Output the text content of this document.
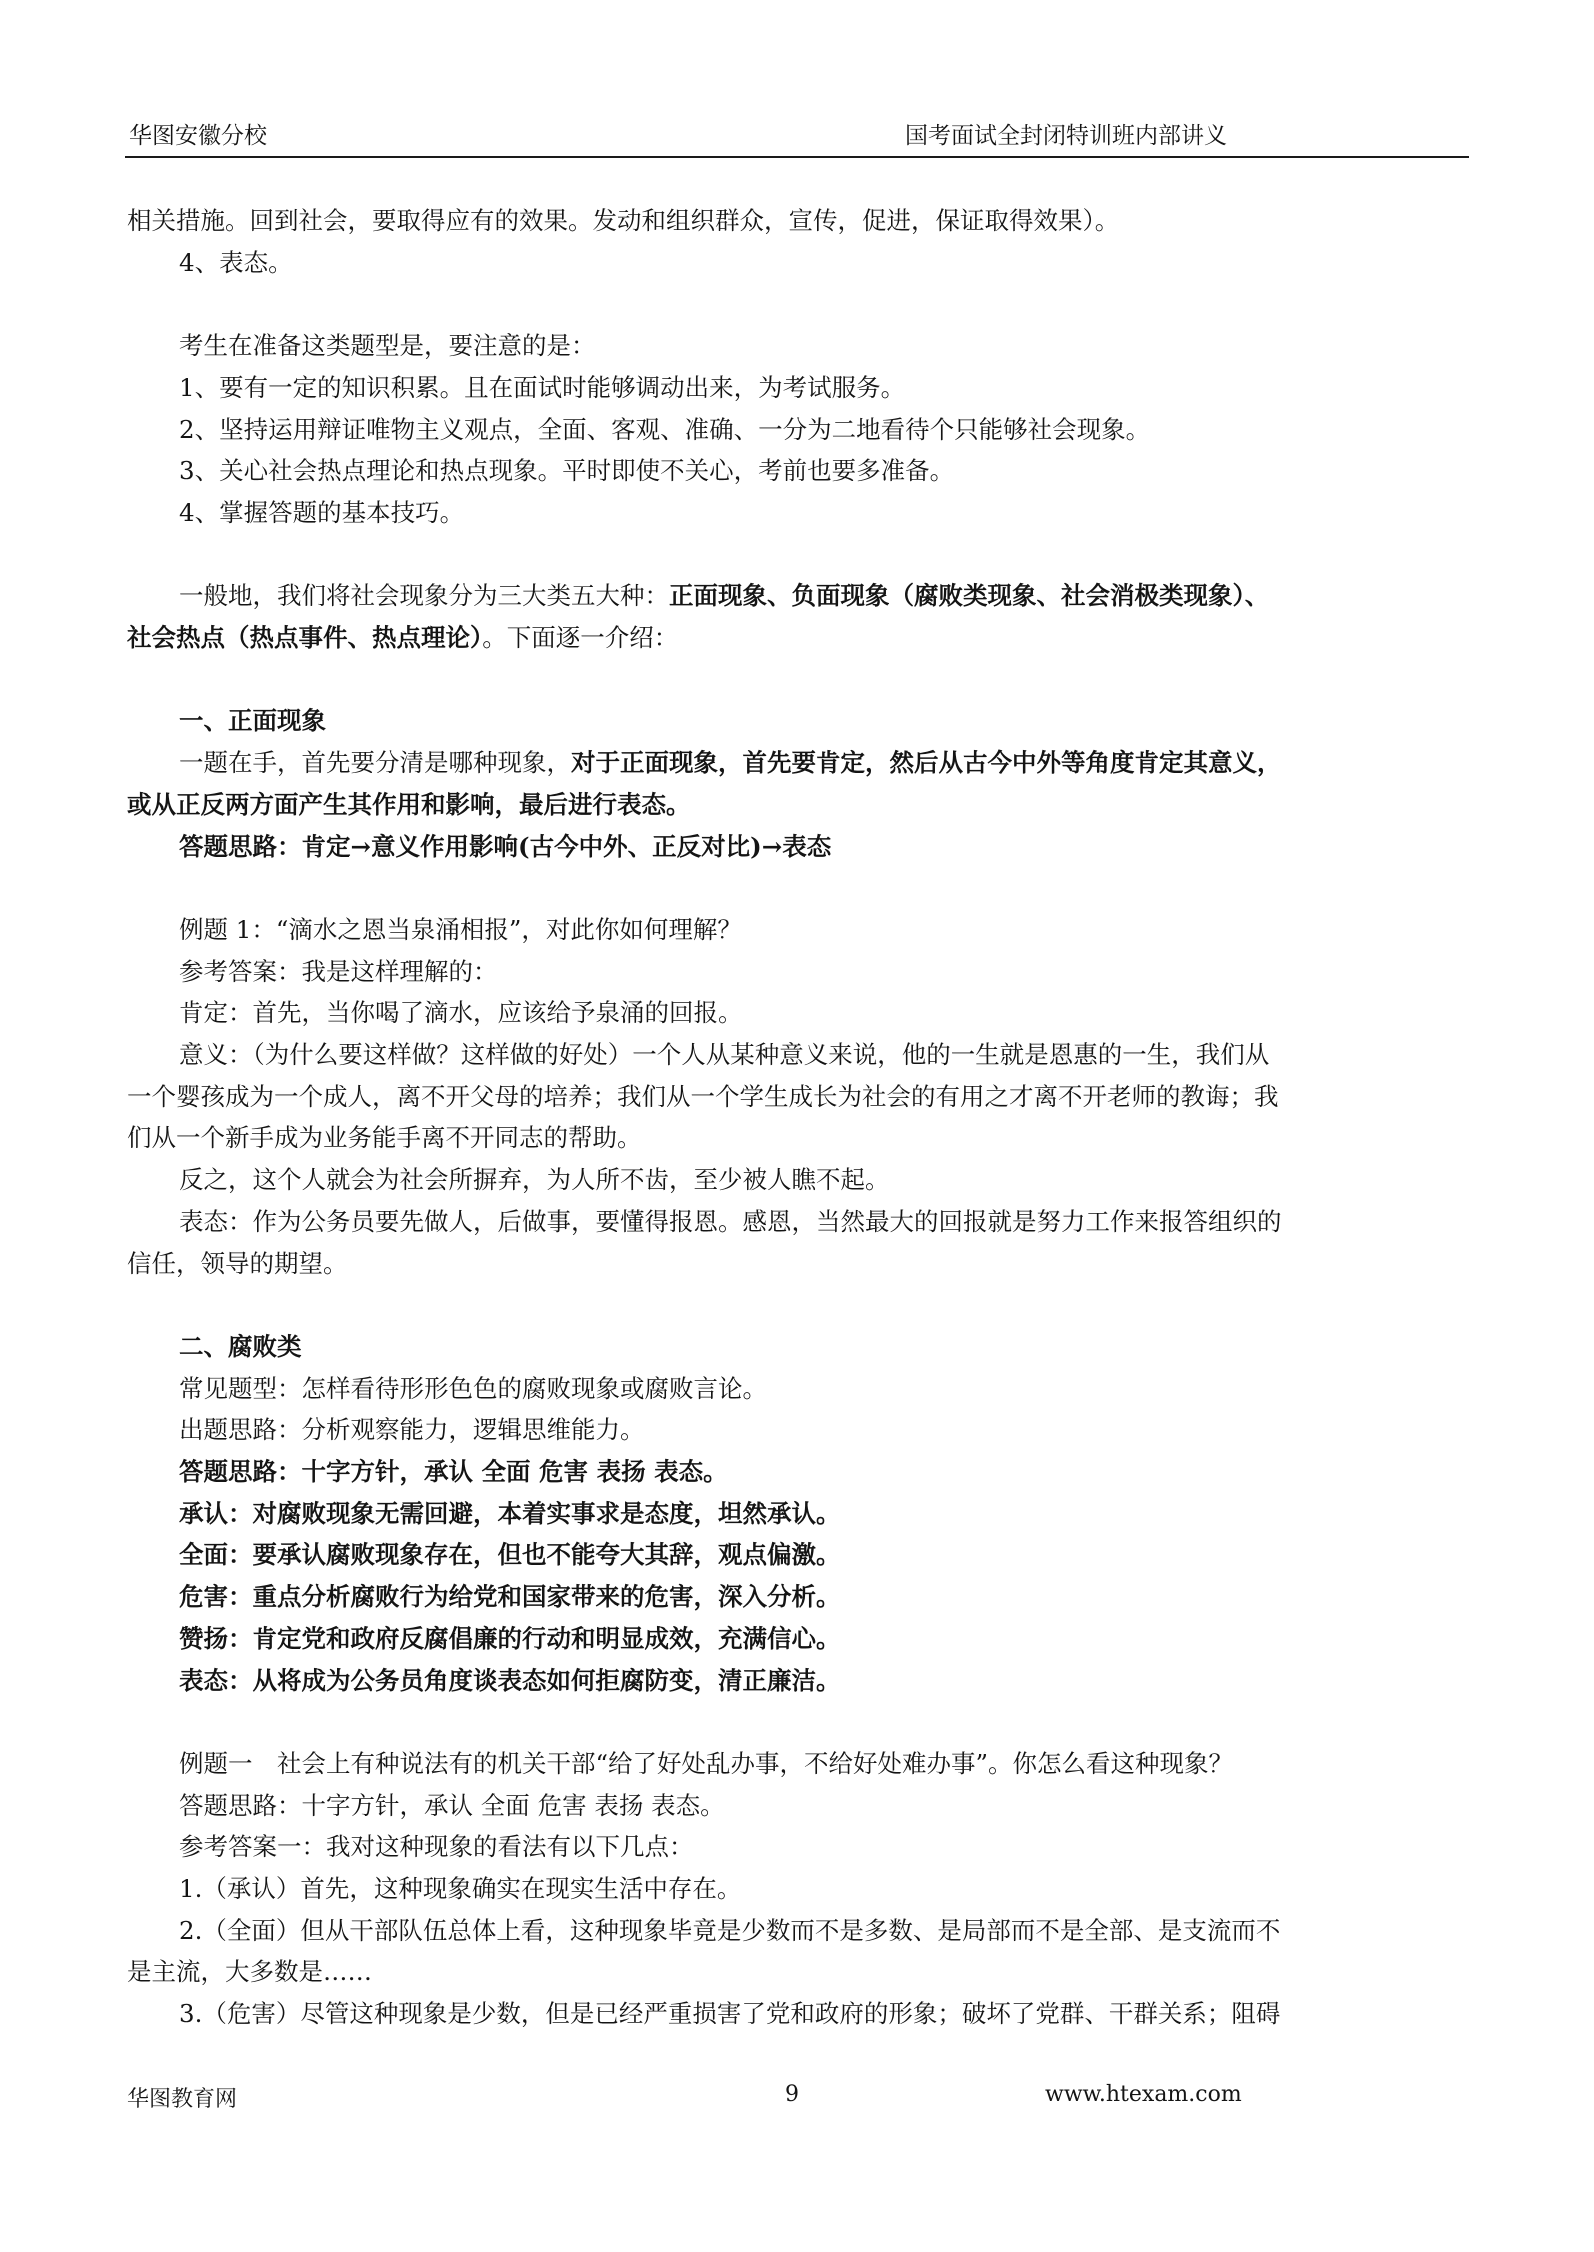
华图安徽分校	国考面试全封闭特训班内部讲义

相关措施。回到社会，要取得应有的效果。发动和组织群众，宣传，促进，保证取得效果）。

4、表态。

考生在准备这类题型是，要注意的是：

1、要有一定的知识积累。且在面试时能够调动出来，为考试服务。

2、坚持运用辩证唯物主义观点，全面、客观、准确、一分为二地看待个只能够社会现象。

3、关心社会热点理论和热点现象。平时即使不关心，考前也要多准备。

4、掌握答题的基本技巧。

一般地，我们将社会现象分为三大类五大种：正面现象、负面现象（腐败类现象、社会消极类现象）、

社会热点（热点事件、热点理论）。下面逐一介绍：

一、正面现象

一题在手，首先要分清是哪种现象，对于正面现象，首先要肯定，然后从古今中外等角度肯定其意义，

或从正反两方面产生其作用和影响，最后进行表态。

答题思路：肯定→意义作用影响(古今中外、正反对比)→表态

例题 1：“滴水之恩当泉涌相报”，对此你如何理解？

参考答案：我是这样理解的：

肯定：首先，当你喝了滴水，应该给予泉涌的回报。

意义：（为什么要这样做？这样做的好处）一个人从某种意义来说，他的一生就是恩惠的一生，我们从

一个婴孩成为一个成人，离不开父母的培养；我们从一个学生成长为社会的有用之才离不开老师的教诲；我

们从一个新手成为业务能手离不开同志的帮助。

反之，这个人就会为社会所摒弃，为人所不齿，至少被人瞧不起。

表态：作为公务员要先做人，后做事，要懂得报恩。感恩，当然最大的回报就是努力工作来报答组织的

信任，领导的期望。

二、腐败类

常见题型：怎样看待形形色色的腐败现象或腐败言论。

出题思路：分析观察能力，逻辑思维能力。

答题思路：十字方针，承认 全面 危害 表扬 表态。

承认：对腐败现象无需回避，本着实事求是态度，坦然承认。

全面：要承认腐败现象存在，但也不能夸大其辞，观点偏激。

危害：重点分析腐败行为给党和国家带来的危害，深入分析。

赞扬：肯定党和政府反腐倡廉的行动和明显成效，充满信心。

表态：从将成为公务员角度谈表态如何拒腐防变，清正廉洁。

例题一　社会上有种说法有的机关干部“给了好处乱办事，不给好处难办事”。你怎么看这种现象？

答题思路：十字方针，承认 全面 危害 表扬 表态。

参考答案一：我对这种现象的看法有以下几点：

1.（承认）首先，这种现象确实在现实生活中存在。

2.（全面）但从干部队伍总体上看，这种现象毕竟是少数而不是多数、是局部而不是全部、是支流而不

是主流，大多数是……

3.（危害）尽管这种现象是少数，但是已经严重损害了党和政府的形象；破坏了党群、干群关系；阻碍

华图教育网	9	www.htexam.com
